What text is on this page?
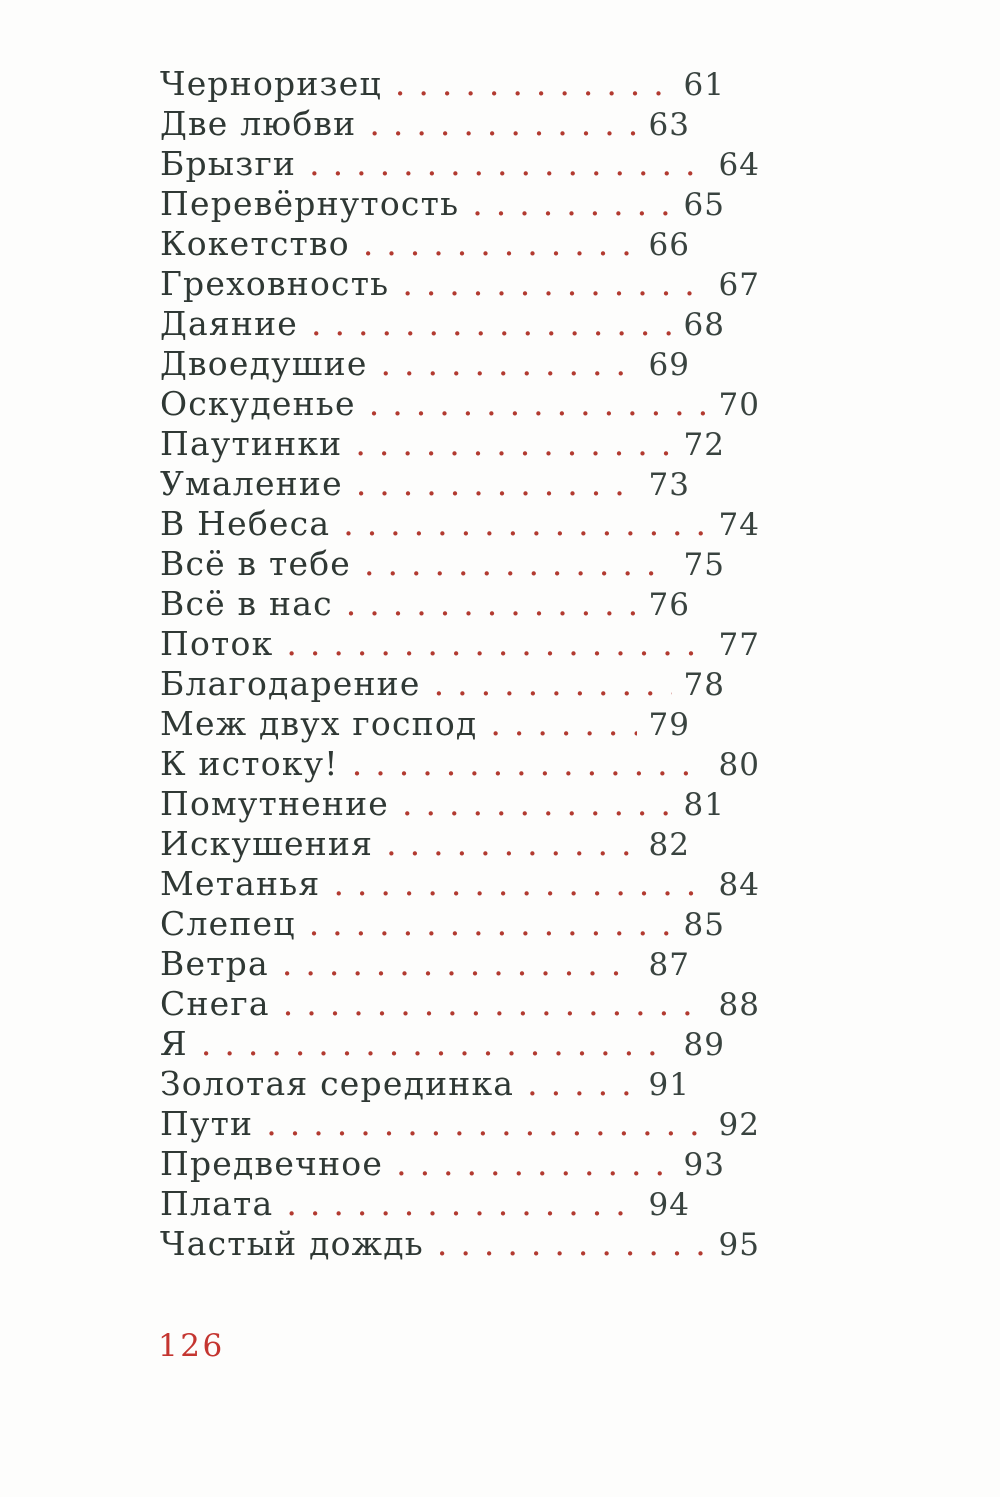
Черноризец .....	61
Две любви .....	63
Брызги .....	64
Перевёрнутость .....	65
Кокетство .....	66
Греховность .....	67
Даяние .....	68
Двоедушие .....	69
Оскуденье .....	70
Паутинки .....	72
Умаление .....	73
В Небеса .....	74
Всё в тебе .....	75
Всё в нас .....	76
Поток .....	77
Благодарение .....	78
Меж двух господ .....	79
К истоку! .....	80
Помутнение .....	81
Искушения .....	82
Метанья .....	84
Слепец .....	85
Ветра .....	87
Снега .....	88
Я .....	89
Золотая серединка .....	91
Пути .....	92
Предвечное .....	93
Плата .....	94
Частый дождь .....	95
126
